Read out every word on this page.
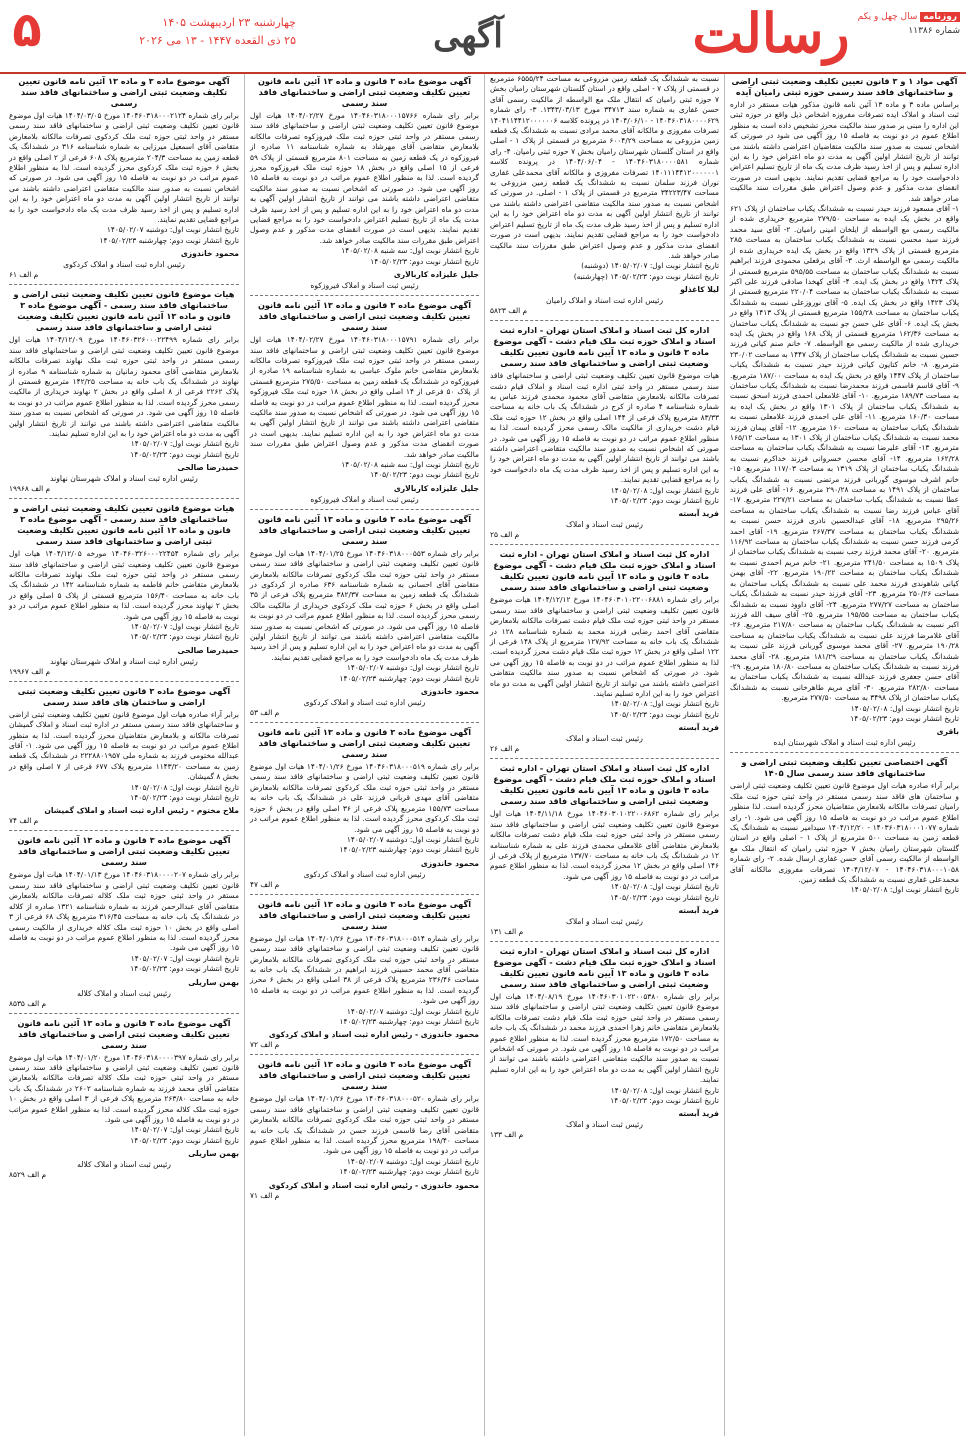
۵	چهارشنبه ۲۳ اردیبهشت ۱۴۰۵
۲۵ ذی القعده ۱۴۴۷ - ۱۳ می ۲۰۲۶	آگهی	رسالت	روزنامه سال چهل و یکم
شماره ۱۱۳۸۶

آگهی مواد ۱ و ۳ قانون تعیین تکلیف وضعیت ثبتی اراضی و ساختمانهای فاقد سند رسمی حوزه ثبتی رامیان آیده

براساس ماده ۳ و ماده ۱۳ آئین نامه قانون مذکور هیات مستقر در اداره ثبت اسناد و املاک ایده تصرفات مفروزه اشخاص ذیل واقع در حوزه ثبتی این اداره را مبنی بر صدور سند مالکیت محرز تشخیص داده است به منظور اطلاع عموم در دو نوبت به فاصله ۱۵ روز آگهی می شود در صورتی که اشخاص نسبت به صدور سند مالکیت متقاضیان اعتراضی داشته باشند می توانند از تاریخ انتشار اولین آگهی به مدت دو ماه اعتراض خود را به این اداره تسلیم و پس از اخذ رسید ظرف مدت یک ماه از تاریخ تسلیم اعتراض دادخواست خود را به مراجع قضایی تقدیم نمایند. بدیهی است در صورت انقضای مدت مذکور و عدم وصول اعتراض طبق مقررات سند مالکیت صادر خواهد شد.

۱- آقای مسعود فرزند حیدر نسبت به ششدانگ یکباب ساختمان از پلاک ۶۲۱ واقع در بخش یک ایده به مساحت ۲۷۹/۵۰ مترمربع خریداری شده از مالکیت رسمی مع الواسطه از ایلخان امینی رامیان. ۲- آقای سید محمد فرزند سید محسن نسبت به ششدانگ یکباب ساختمان به مساحت ۲۸۵ مترمربع قسمتی از پلاک ۱۳۲۹ واقع در بخش یک ایده خریداری شده از مالکیت رسمی مع الواسطه ارث. ۳- آقای برقعلی محمودی فرزند ابراهیم نسبت به ششدانگ یکباب ساختمان به مساحت ۵۹۵/۵۵ مترمربع قسمتی از پلاک ۱۴۲۴ واقع در بخش یک ایده. ۴- آقای کهخدا صادقی فرزند علی اکبر نسبت به ششدانگ یکباب ساختمان به مساحت ۲۲۰/۰۴ مترمربع قسمتی از پلاک ۱۴۲۳ واقع در بخش یک ایده. ۵- آقای نوروزعلی نسبت به ششدانگ یکباب ساختمان به مساحت ۱۵۵/۲۸ مترمربع قسمتی از پلاک ۱۴۱۳ واقع در بخش یک ایده. ۶- آقای علی حسن جو نسبت به ششدانگ یکباب ساختمان به مساحت ۱۶۲/۳۶ مترمربع قسمتی از پلاک ۱۶۸ واقع در بخش یک ایده خریداری شده از مالکیت رسمی مع الواسطه. ۷- خانم صنم کیانی فرزند حسین نسبت به ششدانگ یکباب ساختمان از پلاک ۱۴۴۷ به مساحت ۲۳۰/۰۲ مترمربع. ۸- خانم کتایون کیانی فرزند حیدر نسبت به ششدانگ یکباب ساختمان از پلاک ۱۴۴۷ واقع در بخش یک ایده به مساحت ۱۸۷/۰۰ مترمربع. ۹- آقای قاسم قاسمی فرزند محمدرضا نسبت به ششدانگ یکباب ساختمان به مساحت ۱۸۹/۷۳ مترمربع. ۱۰- آقای غلامعلی احمدی فرزند اسحق نسبت به ششدانگ یکباب ساختمان از پلاک ۱۳۰۱ واقع در بخش یک ایده به مساحت ۱۶۰/۳۰ مترمربع. ۱۱- آقای علی احمدی فرزند غلامعلی نسبت به ششدانگ یکباب ساختمان به مساحت ۱۶۰ مترمربع. ۱۲- آقای پیمان فرزند محمد نسبت به ششدانگ یکباب ساختمان از پلاک ۱۳۰۱ به مساحت ۱۶۵/۱۲ مترمربع. ۱۳- آقای علیرضا نسبت به ششدانگ یکباب ساختمان به مساحت ۱۶۲/۲۸ مترمربع. ۱۴- آقای محسن خسروانی فرزند خداکرم نسبت به ششدانگ یکباب ساختمان از پلاک ۱۳۱۹ به مساحت ۱۱۷/۰۳ مترمربع. ۱۵- خانم اشرف موسوی گوربانی فرزند مرتضی نسبت به ششدانگ یکباب ساختمان از پلاک ۱۴۹۱ به مساحت ۲۹۰/۲۸ مترمربع. ۱۶- آقای علی فرزند عطا نسبت به ششدانگ یکباب ساختمان به مساحت ۲۲۷/۲۱ مترمربع. ۱۷- آقای عباس فرزند رضا نسبت به ششدانگ یکباب ساختمان به مساحت ۲۹۵/۲۶ مترمربع. ۱۸- آقای عبدالحسین نادری فرزند حسن نسبت به ششدانگ یکباب ساختمان به مساحت ۲۶۷/۳۷ مترمربع. ۱۹- آقای احمد کرمی فرزند حسن نسبت به ششدانگ یکباب ساختمان به مساحت ۱۱۶/۹۲ مترمربع. ۲۰- آقای محمد فرزند رجب نسبت به ششدانگ یکباب ساختمان از پلاک ۱۵۰۹ به مساحت ۲۴۱/۵۰ مترمربع. ۲۱- خانم مریم احمدی نسبت به ششدانگ یکباب ساختمان به مساحت ۱۹۰/۲۲ مترمربع. ۲۲- آقای بهمن کیانی شاهوندی فرزند محمد علی نسبت به ششدانگ یکباب ساختمان به مساحت ۲۵۰/۲۶ مترمربع. ۲۳- آقای فرزند حیدر نسبت به ششدانگ یکباب ساختمان به مساحت ۲۷۷/۲۷ مترمربع. ۲۴- آقای داوود نسبت به ششدانگ یکباب ساختمان به مساحت ۱۹۵/۵۵ مترمربع. ۲۵- آقای سیف الله فرزند اکبر نسبت به ششدانگ یکباب ساختمان به مساحت ۲۱۷/۸۰ مترمربع. ۲۶- آقای غلامرضا فرزند علی نسبت به ششدانگ یکباب ساختمان به مساحت ۱۹۰/۲۸ مترمربع. ۲۷- آقای محمد موسوی گوربانی فرزند علی نسبت به ششدانگ یکباب ساختمان به مساحت ۱۸۱/۲۹ مترمربع. ۲۸- آقای محمد فرزند نسبت به ششدانگ یکباب ساختمان به مساحت ۱۸۰/۸۰ مترمربع. ۲۹- آقای حسن جعفری فرزند عبدالله نسبت به ششدانگ یکباب ساختمان به مساحت ۲۸۲/۸۰ مترمربع. ۳۰- آقای مریم طاهرخانی نسبت به ششدانگ یکباب ساختمان از پلاک ۳۴۹۸ به مساحت ۲۷۷/۵۰ مترمربع.

تاریخ انتشار نوبت اول: ۱۴۰۵/۰۲/۰۸

تاریخ انتشار نوبت دوم: ۱۴۰۵/۰۲/۲۳

باقری

رئیس اداره ثبت اسناد و املاک شهرستان ایده

آگهی اختصاصی تعیین تکلیف وضعیت ثبتی اراضی و ساختمانهای فاقد سند رسمی سال ۱۴۰۵

برابر آراء صادره هیات اول موضوع قانون تعیین تکلیف وضعیت ثبتی اراضی و ساختمان های فاقد سند رسمی مستقر در واحد ثبتی حوزه ثبت ملک رامیان تصرفات مالکانه بلامعارض متقاضیان محرز گردیده است. لذا منظور اطلاع عموم مراتب در دو نوبت به فاصله ۱۵ روز آگهی می شود. ۱- رای شماره ۱۴۰۳۶۰۳۱۸۰۰۰۱۰۷۷ - ۱۴۰۴/۱۲/۲۰ سیدامیر نسبت به ششدانگ یک قطعه زمین به مساحت ۵۰۰ مترمربع از پلاک ۱ - اصلی واقع در استان گلستان شهرستان رامیان بخش ۷ حوزه ثبتی رامیان که انتقال ملک مع الواسطه از مالکیت رسمی آقای حسن غفاری ارسال شده. ۲- رای شماره ۱۴۰۴۶۰۳۱۸۰۰۰۱۰۵۸ - ۱۴۰۴/۱۲/۰۷ تصرفات مفروزی مالکانه آقای محمدعلی غفاری نسبت به ششدانگ یک قطعه زمین.

تاریخ انتشار نوبت اول: ۱۴۰۵/۰۲/۰۸

نسبت به ششدانگ یک قطعه زمین مزروعی به مساحت ۶۵۵۵/۲۴ مترمربع در قسمتی از پلاک ۷ - اصلی واقع در استان گلستان شهرستان رامیان بخش ۷ حوزه ثبتی رامیان که انتقال ملک مع الواسطه از مالکیت رسمی آقای حسن غفاری به شماره سند ۳۴۷۱۳ مورخ ۱۳۴۳/۰۳/۱۳. ۳- رای شماره ۱۴۰۴۶۰۳۱۸۰۰۰۰۶۲۹ - ۱۴۰۴/۰۶/۱۰ در پرونده کلاسه ۱۴۰۴۱۱۴۴۱۲۰۰۰۰۰۰۶ تصرفات مفروزی و مالکانه آقای محمد مرادی نسبت به ششدانگ یک قطعه زمین مزروعی به مساحت ۶۰۰۴/۲۹ مترمربع در قسمتی از پلاک ۱ - اصلی واقع در استان گلستان شهرستان رامیان بخش ۷ حوزه ثبتی رامیان. ۴- رای شماره ۱۴۰۴۶۰۳۱۸۰۰۰۰۵۸۱ - ۱۴۰۴/۰۶/۰۴ در پرونده کلاسه ۱۴۰۱۱۱۴۴۱۲۰۰۰۰۰۰۱ تصرفات مفروزی و مالکانه آقای محمدعلی غفاری نوران فرزند سلمان نسبت به ششدانگ یک قطعه زمین مزروعی به مساحت ۳۴۲۲۳/۴۷ مترمربع در قسمتی از پلاک ۱ - اصلی. در صورتی که اشخاص نسبت به صدور سند مالکیت متقاضی اعتراضی داشته باشند می توانند از تاریخ انتشار اولین آگهی به مدت دو ماه اعتراض خود را به این اداره تسلیم و پس از اخذ رسید ظرف مدت یک ماه از تاریخ تسلیم اعتراض دادخواست خود را به مراجع قضایی تقدیم نمایند. بدیهی است در صورت انقضای مدت مذکور و عدم وصول اعتراض طبق مقررات سند مالکیت صادر خواهد شد.

تاریخ انتشار نوبت اول: ۱۴۰۵/۰۲/۰۷ (دوشنبه)

تاریخ انتشار نوبت دوم: ۱۴۰۵/۰۲/۲۳ (چهارشنبه)

لیلا کاغذلو

رئیس اداره ثبت اسناد و املاک رامیان

م الف ۵۸۲۳

اداره کل ثبت اسناد و املاک استان تهران - اداره ثبت اسناد و املاک حوزه ثبت ملک قیام دشت - آگهی موضوع ماده ۳ قانون و ماده ۱۳ آیین نامه قانون تعیین تکلیف وضعیت ثبتی اراضی و ساختمانهای فاقد سند رسمی

هیات موضوع قانون تعیین تکلیف وضعیت ثبتی اراضی و ساختمانهای فاقد سند رسمی مستقر در واحد ثبتی اداره ثبت اسناد و املاک قیام دشت تصرفات مالکانه بلامعارض متقاضی آقای محمود محمدی فرزند عباس به شماره شناسنامه ۴ صادره از کرج در ششدانگ یک باب خانه به مساحت ۸۳/۳۳ مترمربع پلاک فرعی از ۱۴۴ اصلی واقع در بخش ۱۲ حوزه ثبت ملک قیام دشت خریداری از مالکیت مالک رسمی محرز گردیده است. لذا به منظور اطلاع عموم مراتب در دو نوبت به فاصله ۱۵ روز آگهی می شود. در صورتی که اشخاص نسبت به صدور سند مالکیت متقاضی اعتراضی داشته باشند می توانند از تاریخ انتشار اولین آگهی به مدت دو ماه اعتراض خود را به این اداره تسلیم و پس از اخذ رسید ظرف مدت یک ماه دادخواست خود را به مراجع قضایی تقدیم نمایند.

تاریخ انتشار نوبت اول: ۱۴۰۵/۰۲/۰۸

تاریخ انتشار نوبت دوم: ۱۴۰۵/۰۲/۲۳

فرید آبسته

رئیس ثبت اسناد و املاک

م الف ۲۵

اداره کل ثبت اسناد و املاک استان تهران - اداره ثبت اسناد و املاک حوزه ثبت ملک قیام دشت - آگهی موضوع ماده ۳ قانون و ماده ۱۳ آیین نامه قانون تعیین تکلیف وضعیت ثبتی اراضی و ساختمانهای فاقد سند رسمی

برابر رای شماره ۱۴۰۴۶۰۳۰۱۰۲۲۰۰۶۸۸۱ مورخ ۱۴۰۴/۱۲/۱۲ هیات موضوع قانون تعیین تکلیف وضعیت ثبتی اراضی و ساختمانهای فاقد سند رسمی مستقر در واحد ثبتی حوزه ثبت ملک قیام دشت تصرفات مالکانه بلامعارض متقاضی آقای احمد رضایی فرزند محمد به شماره شناسنامه ۱۲۸ در ششدانگ یک باب خانه به مساحت ۱۲۷/۹۲ مترمربع از پلاک ۱۴۸ فرعی از ۱۲۲ اصلی واقع در بخش ۱۲ حوزه ثبت ملک قیام دشت محرز گردیده است. لذا به منظور اطلاع عموم مراتب در دو نوبت به فاصله ۱۵ روز آگهی می شود. در صورتی که اشخاص نسبت به صدور سند مالکیت متقاضی اعتراضی داشته باشند می توانند از تاریخ انتشار اولین آگهی به مدت دو ماه اعتراض خود را به این اداره تسلیم نمایند.

تاریخ انتشار نوبت اول: ۱۴۰۵/۰۲/۰۸

تاریخ انتشار نوبت دوم: ۱۴۰۵/۰۲/۲۳

فرید آبسته

رئیس ثبت اسناد و املاک

م الف ۲۶

اداره کل ثبت اسناد و املاک استان تهران - اداره ثبت اسناد و املاک حوزه ثبت ملک قیام دشت - آگهی موضوع ماده ۳ قانون و ماده ۱۳ آیین نامه قانون تعیین تکلیف وضعیت ثبتی اراضی و ساختمانهای فاقد سند رسمی

برابر رای شماره ۱۴۰۴۶۰۳۰۱۰۲۲۰۰۶۸۶۲ مورخ ۱۴۰۴/۱۱/۱۸ هیات اول موضوع قانون تعیین تکلیف وضعیت ثبتی اراضی و ساختمانهای فاقد سند رسمی مستقر در واحد ثبتی حوزه ثبت ملک قیام دشت تصرفات مالکانه بلامعارض متقاضی آقای غلامعلی محمدی فرزند علی به شماره شناسنامه ۱۲ در ششدانگ یک باب خانه به مساحت ۱۳۷/۷۰ مترمربع از پلاک فرعی از ۱۴۶ اصلی واقع در بخش ۱۲ محرز گردیده است. لذا به منظور اطلاع عموم مراتب در دو نوبت به فاصله ۱۵ روز آگهی می شود.

تاریخ انتشار نوبت اول: ۱۴۰۵/۰۲/۰۸

تاریخ انتشار نوبت دوم: ۱۴۰۵/۰۲/۲۳

فرید آبسته

رئیس ثبت اسناد و املاک

م الف ۱۳۱

اداره کل ثبت اسناد و املاک استان تهران - اداره ثبت اسناد و املاک حوزه ثبت ملک قیام دشت - آگهی موضوع ماده ۳ قانون و ماده ۱۳ آیین نامه قانون تعیین تکلیف وضعیت ثبتی اراضی و ساختمانهای فاقد سند رسمی

برابر رای شماره ۱۴۰۴۶۰۳۰۱۰۲۲۰۰۵۳۸۰ مورخ ۱۴۰۴/۰۸/۱۹ هیات اول موضوع قانون تعیین تکلیف وضعیت ثبتی اراضی و ساختمانهای فاقد سند رسمی مستقر در واحد ثبتی حوزه ثبت ملک قیام دشت تصرفات مالکانه بلامعارض متقاضی خانم زهرا احمدی فرزند محمد در ششدانگ یک باب خانه به مساحت ۱۷۲/۵۰ مترمربع محرز گردیده است. لذا به منظور اطلاع عموم مراتب در دو نوبت به فاصله ۱۵ روز آگهی می شود. در صورتی که اشخاص نسبت به صدور سند مالکیت متقاضی اعتراضی داشته باشند می توانند از تاریخ انتشار اولین آگهی به مدت دو ماه اعتراض خود را به این اداره تسلیم نمایند.

تاریخ انتشار نوبت اول: ۱۴۰۵/۰۲/۰۸

تاریخ انتشار نوبت دوم: ۱۴۰۵/۰۲/۲۳

فرید آبسته

رئیس ثبت اسناد و املاک

م الف ۱۳۳

آگهی موضوع ماده ۳ قانون و ماده ۱۳ آئین نامه قانون تعیین تکلیف وضعیت ثبتی اراضی و ساختمانهای فاقد سند رسمی

برابر رای شماره ۱۴۰۴۶۰۳۱۸۰۰۰۱۵۷۶۶ مورخ ۱۴۰۴/۰۲/۲۷ هیات اول موضوع قانون تعیین تکلیف وضعیت ثبتی اراضی و ساختمانهای فاقد سند رسمی مستقر در واحد ثبتی حوزه ثبت ملک فیروزکوه تصرفات مالکانه بلامعارض متقاضی آقای مهرشاد به شماره شناسنامه ۱۱ صادره از فیروزکوه در یک قطعه زمین به مساحت ۸۰۱ مترمربع قسمتی از پلاک ۵۹ فرعی از ۱۵ اصلی واقع در بخش ۱۸ حوزه ثبت ملک فیروزکوه محرز گردیده است. لذا به منظور اطلاع عموم مراتب در دو نوبت به فاصله ۱۵ روز آگهی می شود. در صورتی که اشخاص نسبت به صدور سند مالکیت متقاضی اعتراضی داشته باشند می توانند از تاریخ انتشار اولین آگهی به مدت دو ماه اعتراض خود را به این اداره تسلیم و پس از اخذ رسید ظرف مدت یک ماه از تاریخ تسلیم اعتراض دادخواست خود را به مراجع قضایی تقدیم نمایند. بدیهی است در صورت انقضای مدت مذکور و عدم وصول اعتراض طبق مقررات سند مالکیت صادر خواهد شد.

تاریخ انتشار نوبت اول: سه شنبه ۱۴۰۵/۰۲/۰۸

تاریخ انتشار نوبت دوم: ۱۴۰۵/۰۲/۲۳

جلیل علیزاده کاربالاری

رئیس ثبت اسناد و املاک فیروزکوه

آگهی موضوع ماده ۳ قانون و ماده ۱۳ آئین نامه قانون تعیین تکلیف وضعیت ثبتی اراضی و ساختمانهای فاقد سند رسمی

برابر رای شماره ۱۴۰۴۶۰۳۱۸۰۰۰۱۵۷۹۱ مورخ ۱۴۰۴/۰۲/۲۷ هیات اول موضوع قانون تعیین تکلیف وضعیت ثبتی اراضی و ساختمانهای فاقد سند رسمی مستقر در واحد ثبتی حوزه ثبت ملک فیروزکوه تصرفات مالکانه بلامعارض متقاضی خانم ملوک عباسی به شماره شناسنامه ۱۹ صادره از فیروزکوه در ششدانگ یک قطعه زمین به مساحت ۲۷۵/۵۰ مترمربع قسمتی از پلاک ۵۰ فرعی از ۱۴ اصلی واقع در بخش ۱۸ حوزه ثبت ملک فیروزکوه محرز گردیده است. لذا به منظور اطلاع عموم مراتب در دو نوبت به فاصله ۱۵ روز آگهی می شود. در صورتی که اشخاص نسبت به صدور سند مالکیت متقاضی اعتراضی داشته باشند می توانند از تاریخ انتشار اولین آگهی به مدت دو ماه اعتراض خود را به این اداره تسلیم نمایند. بدیهی است در صورت انقضای مدت مذکور و عدم وصول اعتراض طبق مقررات سند مالکیت صادر خواهد شد.

تاریخ انتشار نوبت اول: سه شنبه ۱۴۰۵/۰۲/۰۸

تاریخ انتشار نوبت دوم: ۱۴۰۵/۰۲/۲۳

جلیل علیزاده کاربالاری

رئیس ثبت اسناد و املاک فیروزکوه

آگهی موضوع ماده ۳ قانون و ماده ۱۳ آئین نامه قانون تعیین تکلیف وضعیت ثبتی اراضی و ساختمانهای فاقد سند رسمی

برابر رای شماره ۱۴۰۴۶۰۳۱۸۰۰۰۵۵۳ مورخ ۱۴۰۴/۰۱/۲۵ هیات اول موضوع قانون تعیین تکلیف وضعیت ثبتی اراضی و ساختمانهای فاقد سند رسمی مستقر در واحد ثبتی حوزه ثبت ملک کردکوی تصرفات مالکانه بلامعارض متقاضی آقای احسانی به شماره شناسنامه ۶۳۶ صادره از کردکوی در ششدانگ یک قطعه زمین به مساحت ۳۸۲/۳۷ مترمربع پلاک فرعی از ۳۵ اصلی واقع در بخش ۶ حوزه ثبت ملک کردکوی خریداری از مالکیت مالک رسمی محرز گردیده است. لذا به منظور اطلاع عموم مراتب در دو نوبت به فاصله ۱۵ روز آگهی می شود. در صورتی که اشخاص نسبت به صدور سند مالکیت متقاضی اعتراضی داشته باشند می توانند از تاریخ انتشار اولین آگهی به مدت دو ماه اعتراض خود را به این اداره تسلیم و پس از اخذ رسید ظرف مدت یک ماه دادخواست خود را به مراجع قضایی تقدیم نمایند.

تاریخ انتشار نوبت اول: دوشنبه ۱۴۰۵/۰۲/۰۷

تاریخ انتشار نوبت دوم: چهارشنبه ۱۴۰۵/۰۲/۲۳

محمود خاندوزی

رئیس اداره ثبت اسناد و املاک کردکوی

م الف ۵۳

آگهی موضوع ماده ۳ قانون و ماده ۱۳ آئین نامه قانون تعیین تکلیف وضعیت ثبتی اراضی و ساختمانهای فاقد سند رسمی

برابر رای شماره ۱۴۰۴۶۰۳۱۸۰۰۰۵۱۹ مورخ ۱۴۰۴/۰۱/۲۶ هیات اول موضوع قانون تعیین تکلیف وضعیت ثبتی اراضی و ساختمانهای فاقد سند رسمی مستقر در واحد ثبتی حوزه ثبت ملک کردکوی تصرفات مالکانه بلامعارض متقاضی آقای مهدی قربانی فرزند علی در ششدانگ یک باب خانه به مساحت ۱۵۵/۷۳ مترمربع پلاک فرعی از ۳۶ اصلی واقع در بخش ۶ حوزه ثبت ملک کردکوی محرز گردیده است. لذا به منظور اطلاع عموم مراتب در دو نوبت به فاصله ۱۵ روز آگهی می شود.

تاریخ انتشار نوبت اول: دوشنبه ۱۴۰۵/۰۲/۰۷

تاریخ انتشار نوبت دوم: چهارشنبه ۱۴۰۵/۰۲/۲۳

محمود خاندوزی

رئیس اداره ثبت اسناد و املاک کردکوی

م الف ۴۷

آگهی موضوع ماده ۳ قانون و ماده ۱۳ آئین نامه قانون تعیین تکلیف وضعیت ثبتی اراضی و ساختمانهای فاقد سند رسمی

برابر رای شماره ۱۴۰۴۶۰۳۱۸۰۰۰۵۱۴ مورخ ۱۴۰۴/۰۱/۲۶ هیات اول موضوع قانون تعیین تکلیف وضعیت ثبتی اراضی و ساختمانهای فاقد سند رسمی مستقر در واحد ثبتی حوزه ثبت ملک کردکوی تصرفات مالکانه بلامعارض متقاضی آقای محمد حسینی فرزند ابراهیم در ششدانگ یک باب خانه به مساحت ۲۳۶/۴۶ مترمربع پلاک فرعی از ۳۸ اصلی واقع در بخش ۶ محرز گردیده است. لذا به منظور اطلاع عموم مراتب در دو نوبت به فاصله ۱۵ روز آگهی می شود.

تاریخ انتشار نوبت اول: دوشنبه ۱۴۰۵/۰۲/۰۷

تاریخ انتشار نوبت دوم: چهارشنبه ۱۴۰۵/۰۲/۲۳

محمود خاندوزی - رئیس اداره ثبت اسناد و املاک کردکوی

م الف ۷۲

آگهی موضوع ماده ۳ قانون و ماده ۱۳ آئین نامه قانون تعیین تکلیف وضعیت ثبتی اراضی و ساختمانهای فاقد سند رسمی

برابر رای شماره ۱۴۰۴۶۰۳۱۸۰۰۰۵۲۰ مورخ ۱۴۰۴/۰۱/۲۶ هیات اول موضوع قانون تعیین تکلیف وضعیت ثبتی اراضی و ساختمانهای فاقد سند رسمی مستقر در واحد ثبتی حوزه ثبت ملک کردکوی تصرفات مالکانه بلامعارض متقاضی آقای رضا قاسمی فرزند حسن در ششدانگ یک باب خانه به مساحت ۱۹۸/۴۰ مترمربع محرز گردیده است. لذا به منظور اطلاع عموم مراتب در دو نوبت به فاصله ۱۵ روز آگهی می شود.

تاریخ انتشار نوبت اول: دوشنبه ۱۴۰۵/۰۲/۰۷

تاریخ انتشار نوبت دوم: چهارشنبه ۱۴۰۵/۰۲/۲۳

محمود خاندوزی - رئیس اداره ثبت اسناد و املاک کردکوی

م الف ۷۱

آگهی موضوع ماده ۳ و ماده ۱۳ آئین نامه قانون تعیین تکلیف وضعیت ثبتی اراضی و ساختمانهای فاقد سند رسمی

برابر رای شماره ۱۴۰۴۶۰۳۱۸۰۰۰۲۱۲۴ مورخ ۱۴۰۴/۰۳/۰۵ هیات اول موضوع قانون تعیین تکلیف وضعیت ثبتی اراضی و ساختمانهای فاقد سند رسمی مستقر در واحد ثبتی حوزه ثبت ملک کردکوی تصرفات مالکانه بلامعارض متقاضی آقای اسمعیل میرزایی به شماره شناسنامه ۳۱۶ در ششدانگ یک قطعه زمین به مساحت ۲۰۴/۳ مترمربع پلاک ۶۰۸ فرعی از ۲ اصلی واقع در بخش ۶ حوزه ثبت ملک کردکوی محرز گردیده است. لذا به منظور اطلاع عموم مراتب در دو نوبت به فاصله ۱۵ روز آگهی می شود. در صورتی که اشخاص نسبت به صدور سند مالکیت متقاضی اعتراضی داشته باشند می توانند از تاریخ انتشار اولین آگهی به مدت دو ماه اعتراض خود را به این اداره تسلیم و پس از اخذ رسید ظرف مدت یک ماه دادخواست خود را به مراجع قضایی تقدیم نمایند.

تاریخ انتشار نوبت اول: دوشنبه ۱۴۰۵/۰۲/۰۷

تاریخ انتشار نوبت دوم: چهارشنبه ۱۴۰۵/۰۲/۲۳

محمود خاندوزی

رئیس اداره ثبت اسناد و املاک کردکوی

م الف ۶۱

هیات موضوع قانون تعیین تکلیف وضعیت ثبتی اراضی و ساختمانهای فاقد سند رسمی - آگهی موضوع ماده ۳ قانون و ماده ۱۳ آئین نامه قانون تعیین تکلیف وضعیت ثبتی اراضی و ساختمانهای فاقد سند رسمی

برابر رای شماره ۱۴۰۴۶۰۳۲۶۰۰۰۲۲۴۹۹ مورخ ۱۴۰۴/۱۲/۰۹ هیات اول موضوع قانون تعیین تکلیف وضعیت ثبتی اراضی و ساختمانهای فاقد سند رسمی مستقر در واحد ثبتی حوزه ثبت ملک نهاوند تصرفات مالکانه بلامعارض متقاضی آقای محمود زمانیان به شماره شناسنامه ۹ صادره از نهاوند در ششدانگ یک باب خانه به مساحت ۱۴۲/۲۵ مترمربع قسمتی از پلاک ۲۲۶۲ فرعی از ۸ اصلی واقع در بخش ۲ نهاوند خریداری از مالکیت رسمی محرز گردیده است. لذا به منظور اطلاع عموم مراتب در دو نوبت به فاصله ۱۵ روز آگهی می شود. در صورتی که اشخاص نسبت به صدور سند مالکیت متقاضی اعتراضی داشته باشند می توانند از تاریخ انتشار اولین آگهی به مدت دو ماه اعتراض خود را به این اداره تسلیم نمایند.

تاریخ انتشار نوبت اول: ۱۴۰۵/۰۲/۰۷

تاریخ انتشار نوبت دوم: ۱۴۰۵/۰۲/۲۳

حمیدرضا صالحی

رئیس اداره ثبت اسناد و املاک شهرستان نهاوند

م الف ۱۹۹۶۸

هیات موضوع قانون تعیین تکلیف وضعیت ثبتی اراضی و ساختمانهای فاقد سند رسمی - آگهی موضوع ماده ۳ قانون و ماده ۱۳ آئین نامه قانون تعیین تکلیف وضعیت ثبتی اراضی و ساختمانهای فاقد سند رسمی

برابر رای شماره ۱۴۰۴۶۰۳۲۶۰۰۰۲۲۴۵۴ مورخه ۱۴۰۴/۱۲/۰۵ هیات اول موضوع قانون تعیین تکلیف وضعیت ثبتی اراضی و ساختمانهای فاقد سند رسمی مستقر در واحد ثبتی حوزه ثبت ملک نهاوند تصرفات مالکانه بلامعارض متقاضی خانم فاطمه به شماره شناسنامه ۱۴۲ در ششدانگ یک باب خانه به مساحت ۱۵۶/۴۰ مترمربع قسمتی از پلاک ۵ اصلی واقع در بخش ۲ نهاوند محرز گردیده است. لذا به منظور اطلاع عموم مراتب در دو نوبت به فاصله ۱۵ روز آگهی می شود.

تاریخ انتشار نوبت اول: ۱۴۰۵/۰۲/۰۷

تاریخ انتشار نوبت دوم: ۱۴۰۵/۰۲/۲۳

حمیدرضا صالحی

رئیس اداره ثبت اسناد و املاک شهرستان نهاوند

م الف ۱۹۹۶۷

آگهی موضوع ماده ۳ قانون تعیین تکلیف وضعیت ثبتی اراضی و ساختمان های فاقد سند رسمی

برابر آراء صادره هیات اول موضوع قانون تعیین تکلیف وضعیت ثبتی اراضی و ساختمانهای فاقد سند رسمی مستقر در اداره ثبت اسناد و املاک گمیشان تصرفات مالکانه و بلامعارض متقاضیان محرز گردیده است. لذا به منظور اطلاع عموم مراتب در دو نوبت به فاصله ۱۵ روز آگهی می شود. ۱- آقای عبدالله مختومی فرزند به شماره ملی ۲۲۲۸۸۰۱۹۵۷ در ششدانگ یک قطعه زمین به مساحت ۱۱۴۳/۲۰ مترمربع پلاک ۶۷۷ فرعی از ۷ اصلی واقع در بخش ۸ گمیشان.

تاریخ انتشار نوبت اول: ۱۴۰۵/۰۲/۰۸

تاریخ انتشار نوبت دوم: ۱۴۰۵/۰۲/۲۳

ملاح مختوم - رئیس اداره ثبت اسناد و املاک گمیشان

م الف ۷۴

آگهی موضوع ماده ۳ قانون و ماده ۱۳ آئین نامه قانون تعیین تکلیف وضعیت ثبتی اراضی و ساختمانهای فاقد سند رسمی

برابر رای شماره ۱۴۰۴۶۰۳۱۸۰۰۰۰۲۰۷ مورخ ۱۴۰۴/۰۱/۱۳ هیات اول موضوع قانون تعیین تکلیف وضعیت ثبتی اراضی و ساختمانهای فاقد سند رسمی مستقر در واحد ثبتی حوزه ثبت ملک کلاله تصرفات مالکانه بلامعارض متقاضی آقای عبدالرحمن فرزند به شماره شناسنامه ۱۳۲۱ صادره از کلاله در ششدانگ یک باب خانه به مساحت ۳۱۶/۴۵ مترمربع پلاک ۶۸ فرعی از ۳ اصلی واقع در بخش ۱۰ حوزه ثبت ملک کلاله خریداری از مالکیت رسمی محرز گردیده است. لذا به منظور اطلاع عموم مراتب در دو نوبت به فاصله ۱۵ روز آگهی می شود.

تاریخ انتشار نوبت اول: ۱۴۰۵/۰۲/۰۷

تاریخ انتشار نوبت دوم: ۱۴۰۵/۰۲/۲۳

بهمن ساریلی

رئیس ثبت اسناد و املاک کلاله

م الف ۸۵۳۵

آگهی موضوع ماده ۳ قانون و ماده ۱۳ آئین نامه قانون تعیین تکلیف وضعیت ثبتی اراضی و ساختمانهای فاقد سند رسمی

برابر رای شماره ۱۴۰۴۶۰۳۱۸۰۰۰۰۳۹۷ مورخ ۱۴۰۴/۰۱/۲۰ هیات اول موضوع قانون تعیین تکلیف وضعیت ثبتی اراضی و ساختمانهای فاقد سند رسمی مستقر در واحد ثبتی حوزه ثبت ملک کلاله تصرفات مالکانه بلامعارض متقاضی آقای محمد فرزند به شماره شناسنامه ۲۶۰۲ در ششدانگ یک باب خانه به مساحت ۲۶۳/۸۰ مترمربع پلاک فرعی از ۳ اصلی واقع در بخش ۱۰ حوزه ثبت ملک کلاله محرز گردیده است. لذا به منظور اطلاع عموم مراتب در دو نوبت به فاصله ۱۵ روز آگهی می شود.

تاریخ انتشار نوبت اول: ۱۴۰۵/۰۲/۰۷

تاریخ انتشار نوبت دوم: ۱۴۰۵/۰۲/۲۳

بهمن ساریلی

رئیس ثبت اسناد و املاک کلاله

م الف ۸۵۲۹
